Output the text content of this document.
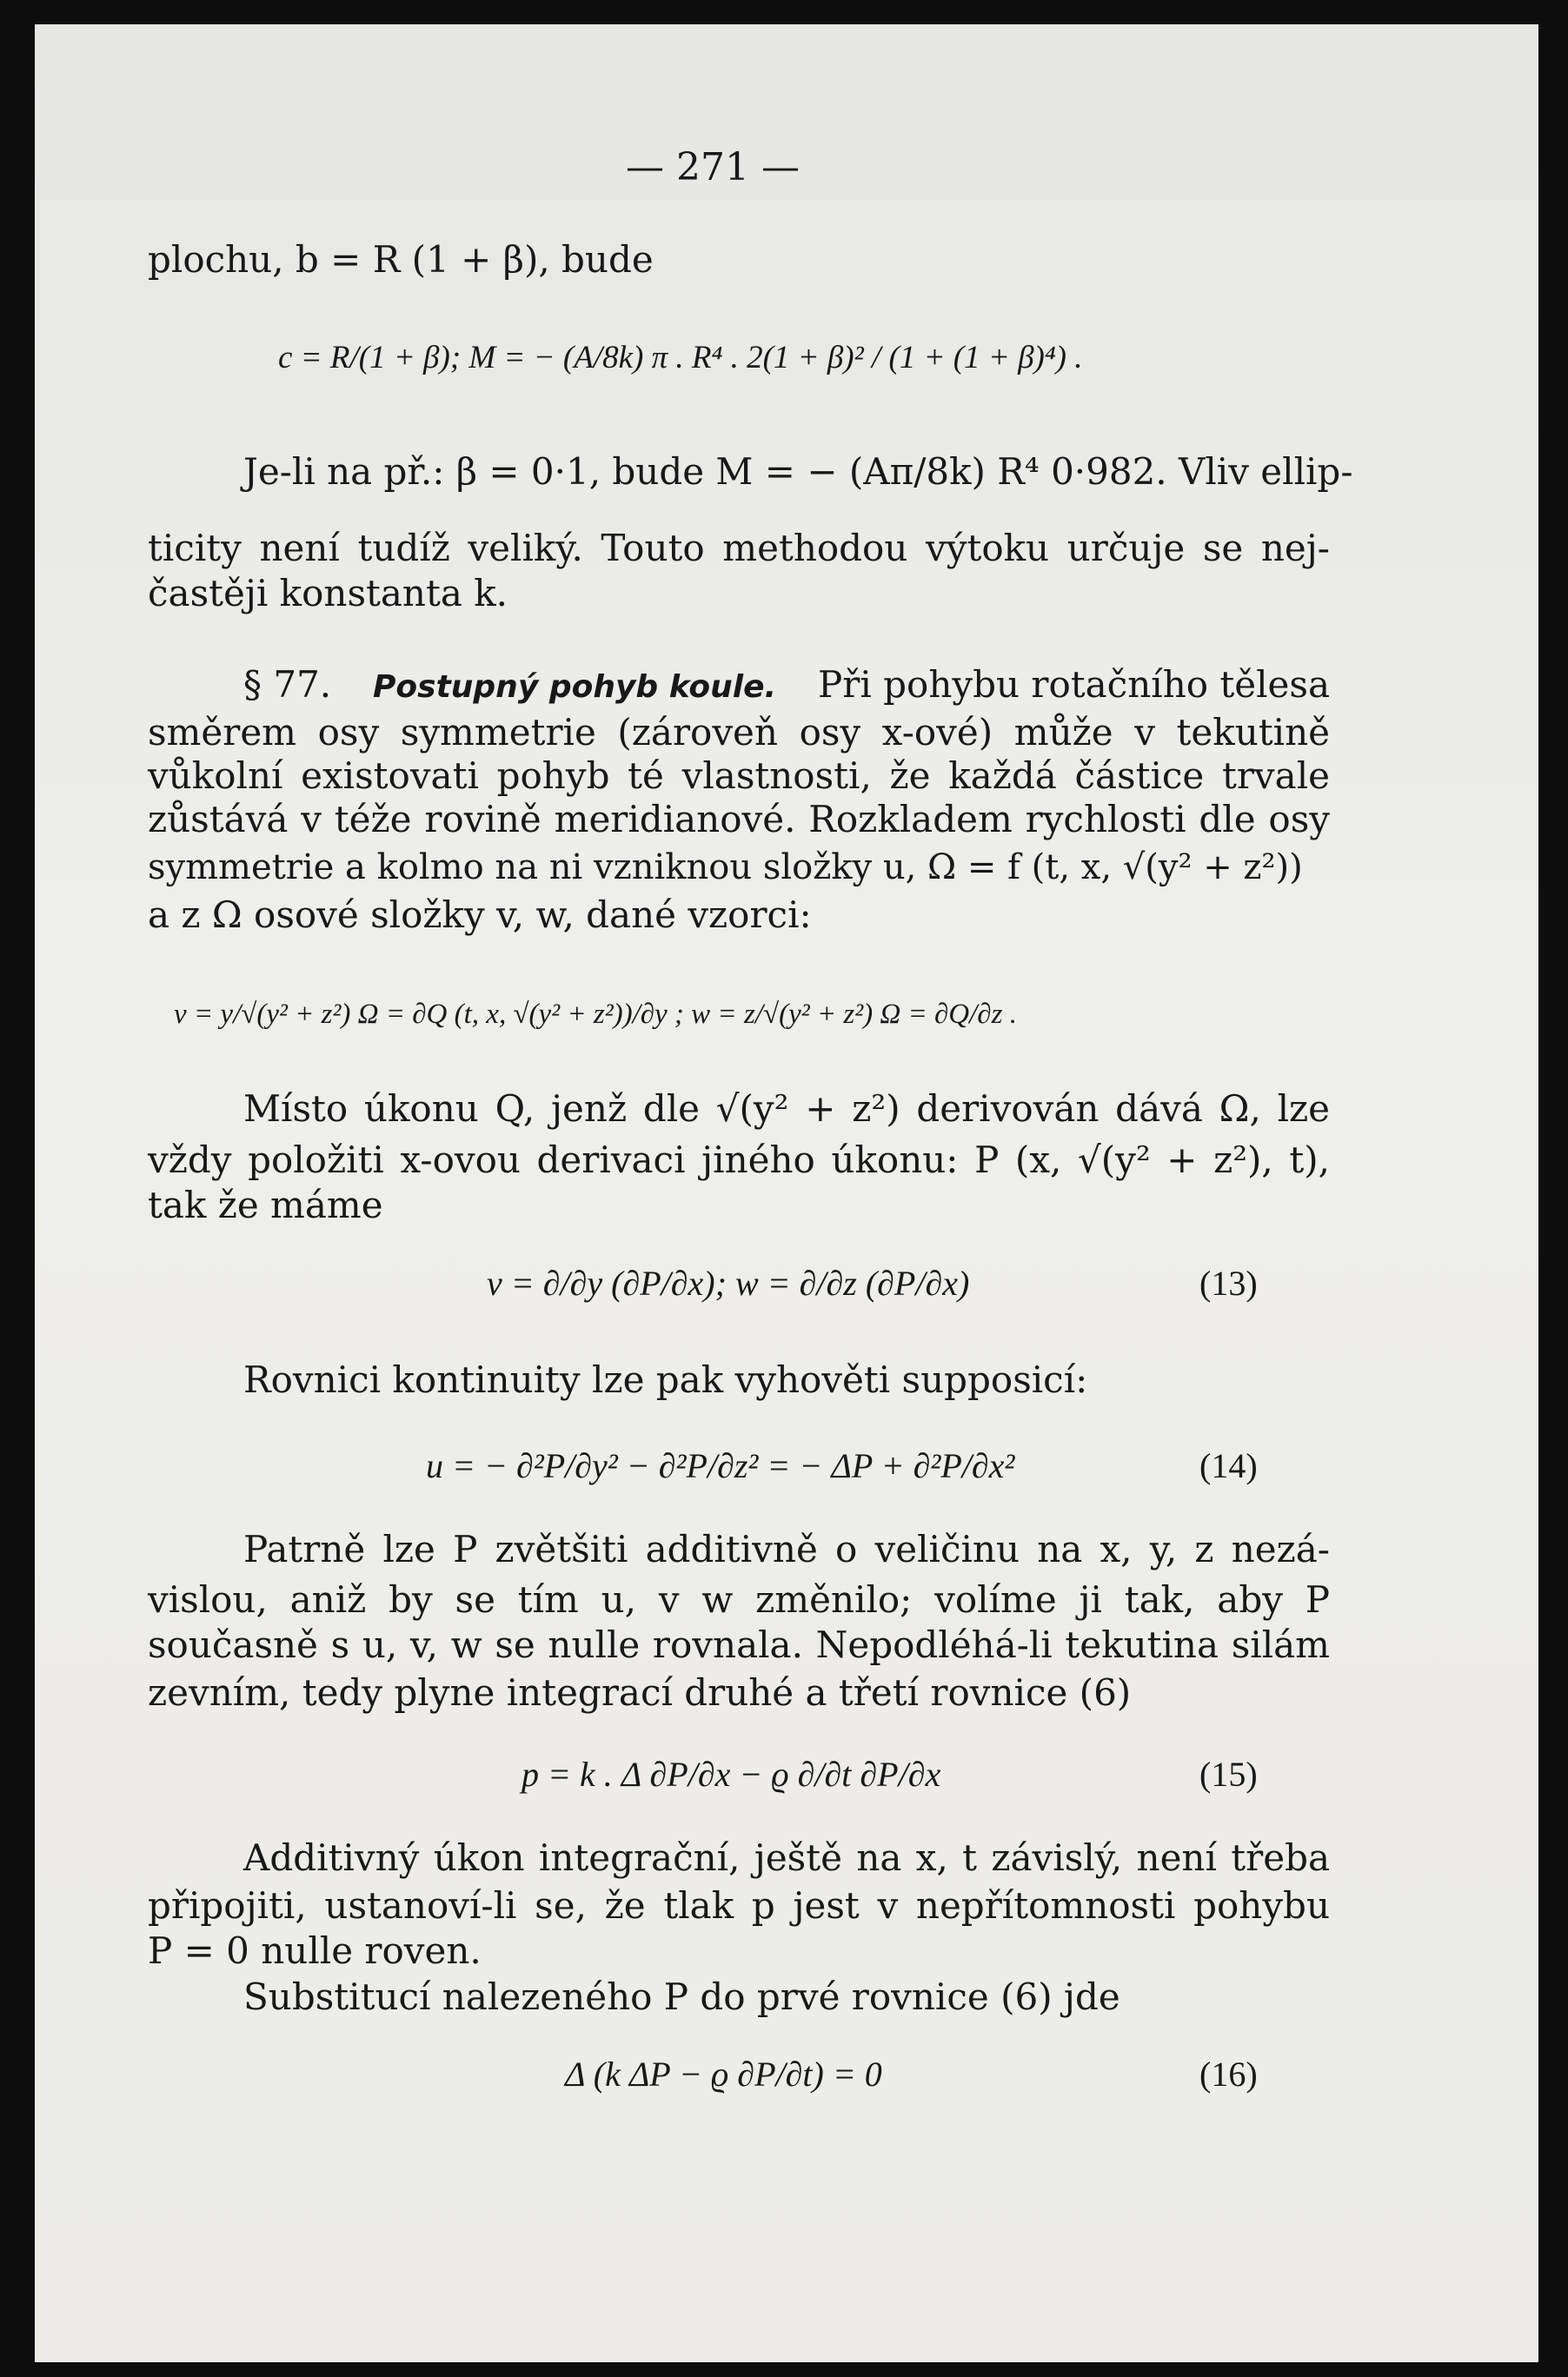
— 271 —
plochu, b = R (1 + β), bude
c = R/(1 + β); M = − (A/8k) π . R⁴ . 2(1 + β)² / (1 + (1 + β)⁴) .
Je-li na př.: β = 0·1, bude M = − (Aπ/8k) R⁴ 0·982. Vliv ellip-
ticity není tudíž veliký. Touto methodou výtoku určuje se nej-
častěji konstanta k.
§ 77. Postupný pohyb koule. Při pohybu rotačního tělesa
směrem osy symmetrie (zároveň osy x-ové) může v tekutině
vůkolní existovati pohyb té vlastnosti, že každá částice trvale
zůstává v téže rovině meridianové. Rozkladem rychlosti dle osy
symmetrie a kolmo na ni vzniknou složky u, Ω = f (t, x, √(y² + z²))
a z Ω osové složky v, w, dané vzorci:
v = y/√(y² + z²) Ω = ∂Q (t, x, √(y² + z²))/∂y ; w = z/√(y² + z²) Ω = ∂Q/∂z .
Místo úkonu Q, jenž dle √(y² + z²) derivován dává Ω, lze
vždy položiti x-ovou derivaci jiného úkonu: P (x, √(y² + z²), t),
tak že máme
v = ∂/∂y (∂P/∂x); w = ∂/∂z (∂P/∂x)	(13)
Rovnici kontinuity lze pak vyhověti supposicí:
u = − ∂²P/∂y² − ∂²P/∂z² = − ΔP + ∂²P/∂x²	(14)
Patrně lze P zvětšiti additivně o veličinu na x, y, z nezá-
vislou, aniž by se tím u, v w změnilo; volíme ji tak, aby P
současně s u, v, w se nulle rovnala. Nepodléhá-li tekutina silám
zevním, tedy plyne integrací druhé a třetí rovnice (6)
p = k . Δ ∂P/∂x − ϱ ∂/∂t ∂P/∂x	(15)
Additivný úkon integrační, ještě na x, t závislý, není třeba
připojiti, ustanoví-li se, že tlak p jest v nepřítomnosti pohybu
P = 0 nulle roven.
Substitucí nalezeného P do prvé rovnice (6) jde
Δ (k ΔP − ϱ ∂P/∂t) = 0	(16)
